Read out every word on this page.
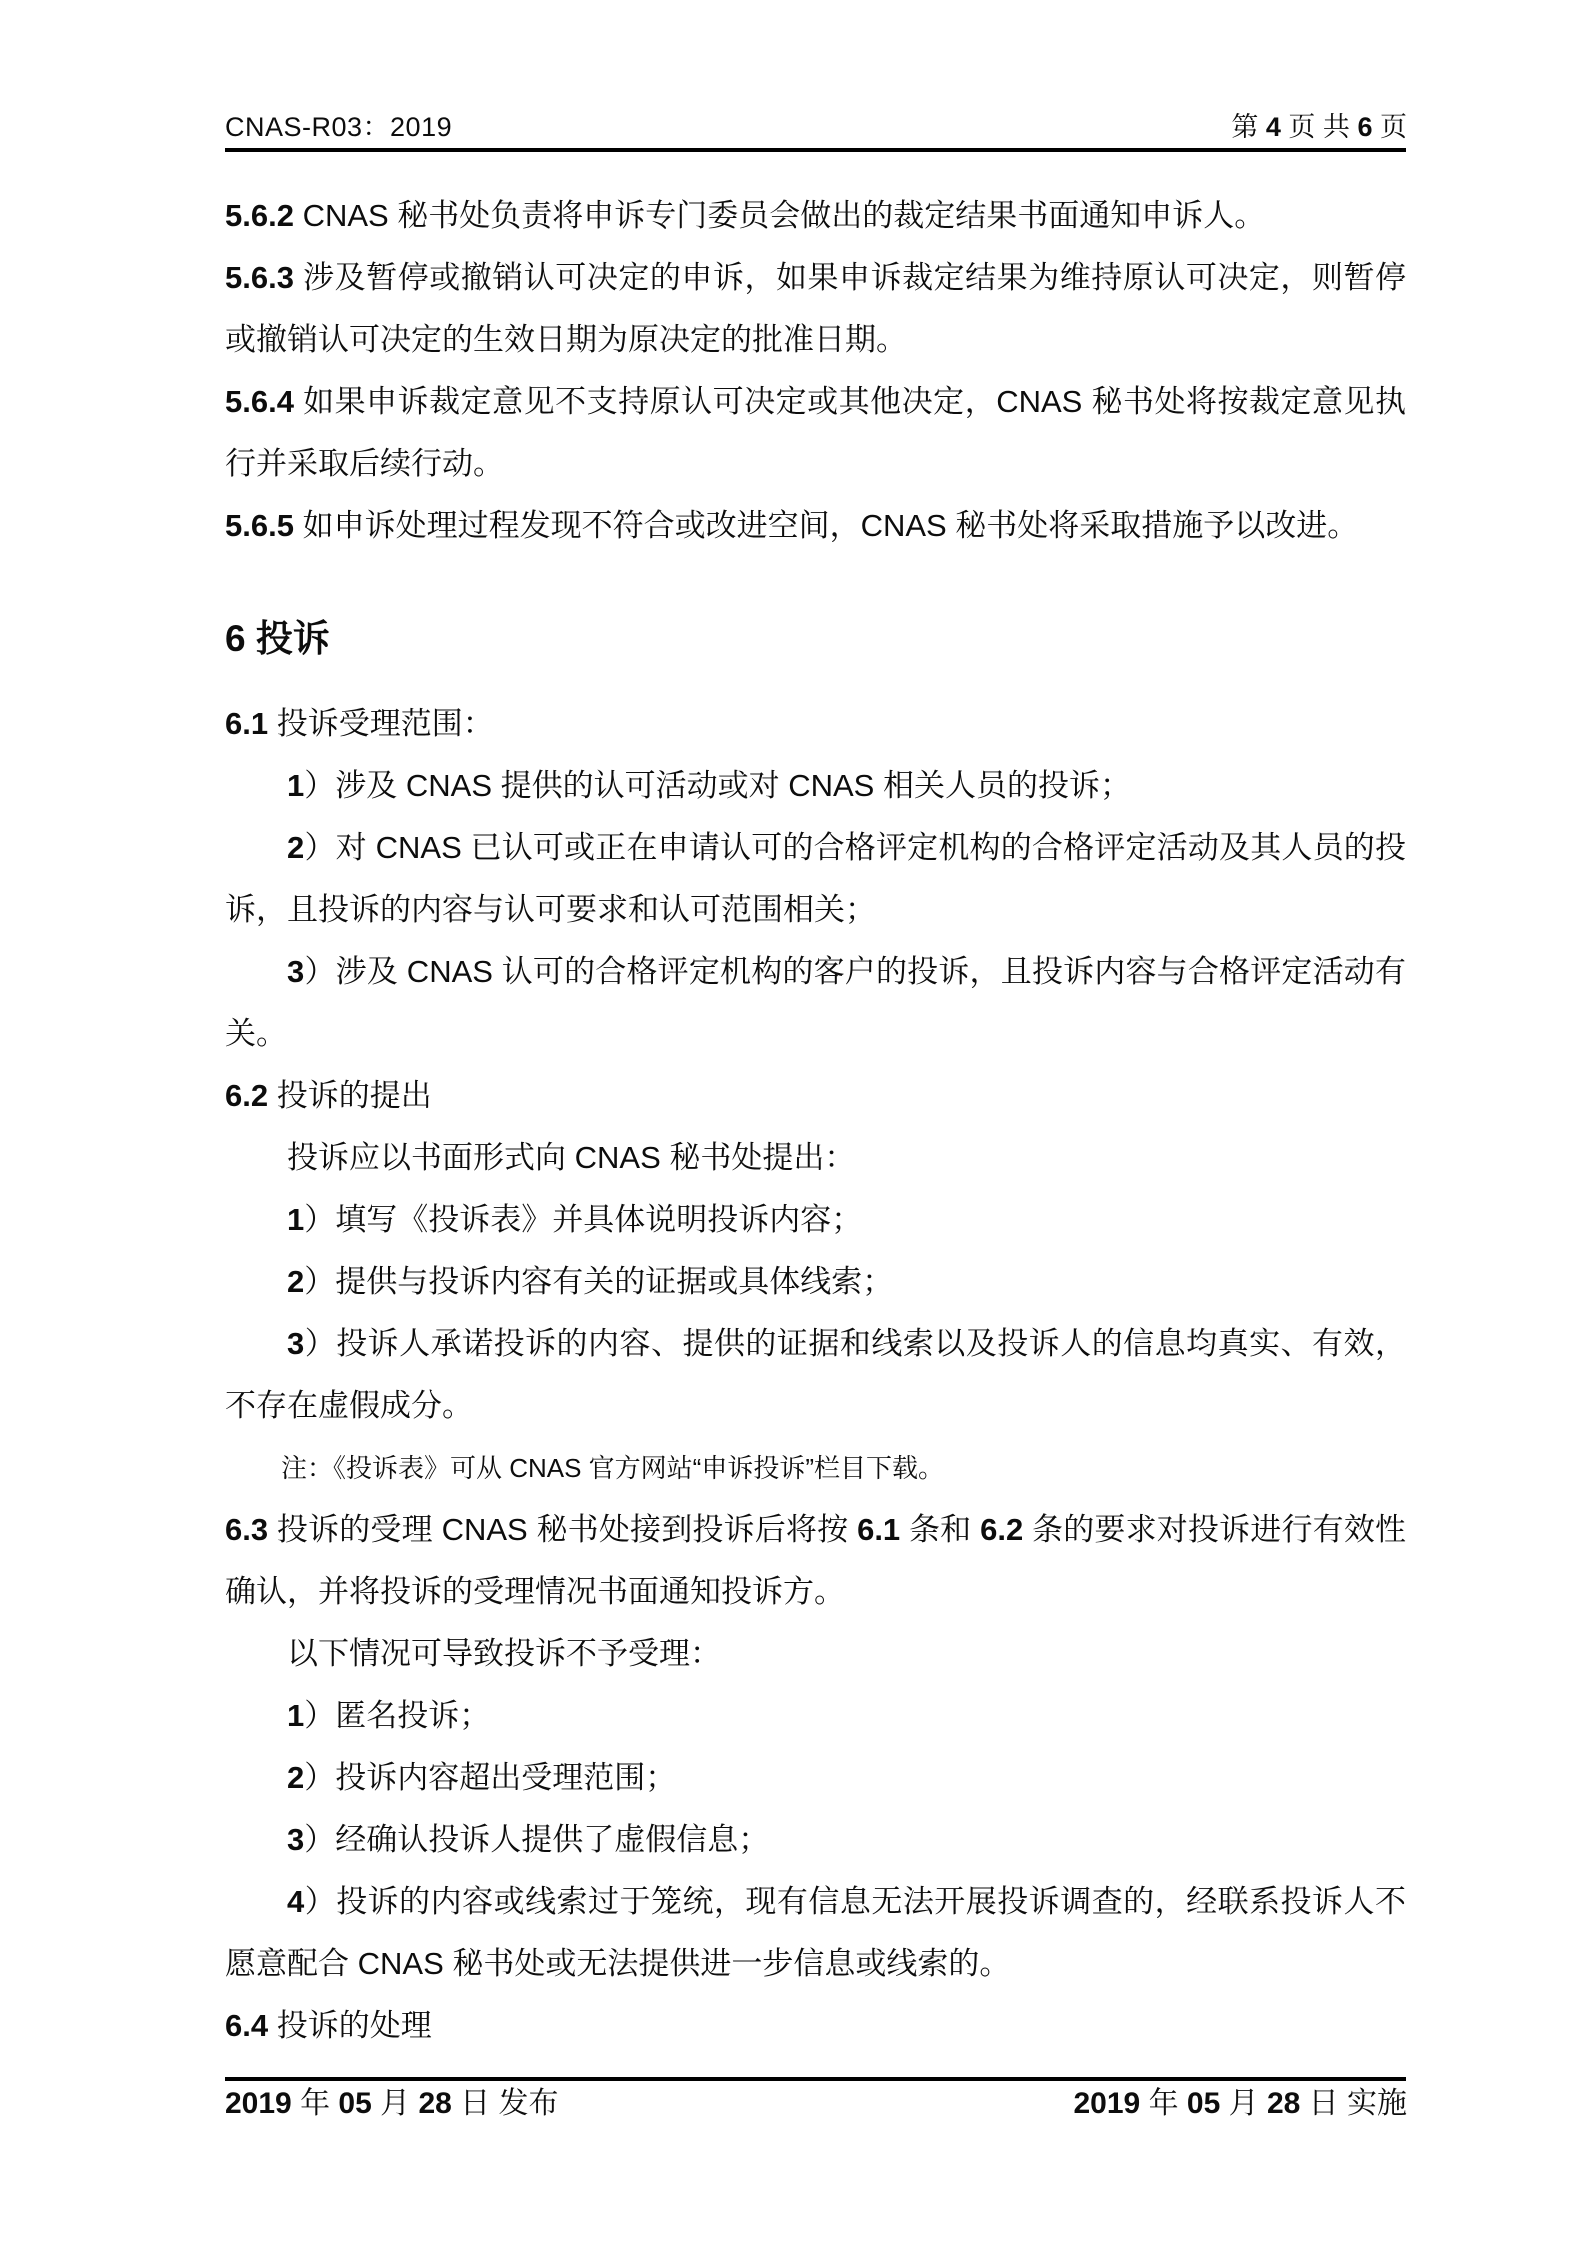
CNAS-R03：2019	第 4 页 共 6 页
5.6.2 CNAS 秘书处负责将申诉专门委员会做出的裁定结果书面通知申诉人。
5.6.3 涉及暂停或撤销认可决定的申诉，如果申诉裁定结果为维持原认可决定，则暂停或撤销认可决定的生效日期为原决定的批准日期。
5.6.4 如果申诉裁定意见不支持原认可决定或其他决定，CNAS 秘书处将按裁定意见执行并采取后续行动。
5.6.5 如申诉处理过程发现不符合或改进空间，CNAS 秘书处将采取措施予以改进。
6 投诉
6.1 投诉受理范围：
1）涉及 CNAS 提供的认可活动或对 CNAS 相关人员的投诉；
2）对 CNAS 已认可或正在申请认可的合格评定机构的合格评定活动及其人员的投诉，且投诉的内容与认可要求和认可范围相关；
3）涉及 CNAS 认可的合格评定机构的客户的投诉，且投诉内容与合格评定活动有关。
6.2 投诉的提出
投诉应以书面形式向 CNAS 秘书处提出：
1）填写《投诉表》并具体说明投诉内容；
2）提供与投诉内容有关的证据或具体线索；
3）投诉人承诺投诉的内容、提供的证据和线索以及投诉人的信息均真实、有效，不存在虚假成分。
注：《投诉表》可从 CNAS 官方网站“申诉投诉”栏目下载。
6.3 投诉的受理 CNAS 秘书处接到投诉后将按 6.1 条和 6.2 条的要求对投诉进行有效性确认，并将投诉的受理情况书面通知投诉方。
以下情况可导致投诉不予受理：
1）匿名投诉；
2）投诉内容超出受理范围；
3）经确认投诉人提供了虚假信息；
4）投诉的内容或线索过于笼统，现有信息无法开展投诉调查的，经联系投诉人不愿意配合 CNAS 秘书处或无法提供进一步信息或线索的。
6.4 投诉的处理
2019 年 05 月 28 日 发布	2019 年 05 月 28 日 实施
